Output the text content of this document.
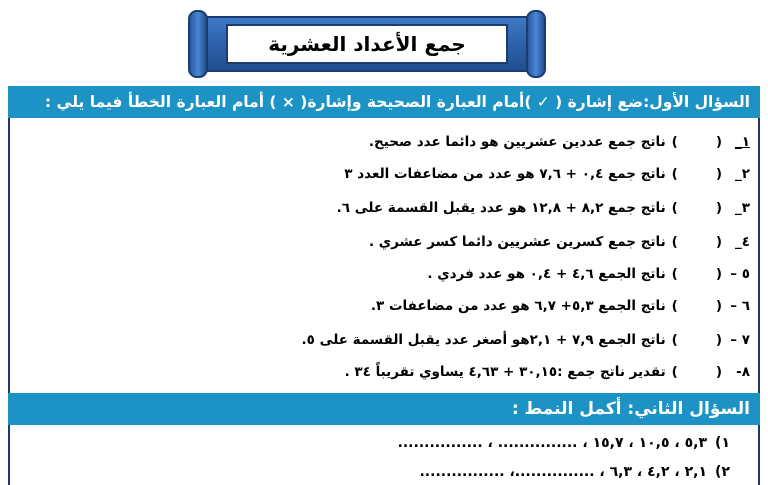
جمع الأعداد العشرية
السؤال الأول:ضع إشارة ( ✓ )أمام العبارة الصحيحة وإشارة( × ) أمام العبارة الخطأ فيما يلي :
١_
(
)
ناتج جمع عددين عشريين هو دائما عدد صحيح.
٢_
(
)
ناتج جمع ٠,٤ + ٧,٦ هو عدد من مضاعفات العدد ٣
٣_
(
)
ناتج جمع ٨,٢ + ١٢,٨ هو عدد يقبل القسمة على ٦.
٤_
(
)
ناتج جمع كسرين عشريين دائما كسر عشري .
٥ –
(
)
ناتج الجمع ٤,٦ + ٠,٤ هو عدد فردي .
٦ –
(
)
ناتج الجمع ٥,٣+ ٦,٧ هو عدد من مضاعفات ٣.
٧ –
(
)
ناتج الجمع ٧,٩ + ٢,١هو أصغر عدد يقبل القسمة على ٥.
٨-
(
)
تقدير ناتج جمع :٣٠,١٥ + ٤,٦٣ يساوي تقريباً ٣٤ .
السؤال الثاني: أكمل النمط :
١)
٥,٣ ، ١٠,٥ ، ١٥,٧ ، ............... ، ................
٢)
٢,١ ، ٤,٢ ، ٦,٣ ، ...............، ................
